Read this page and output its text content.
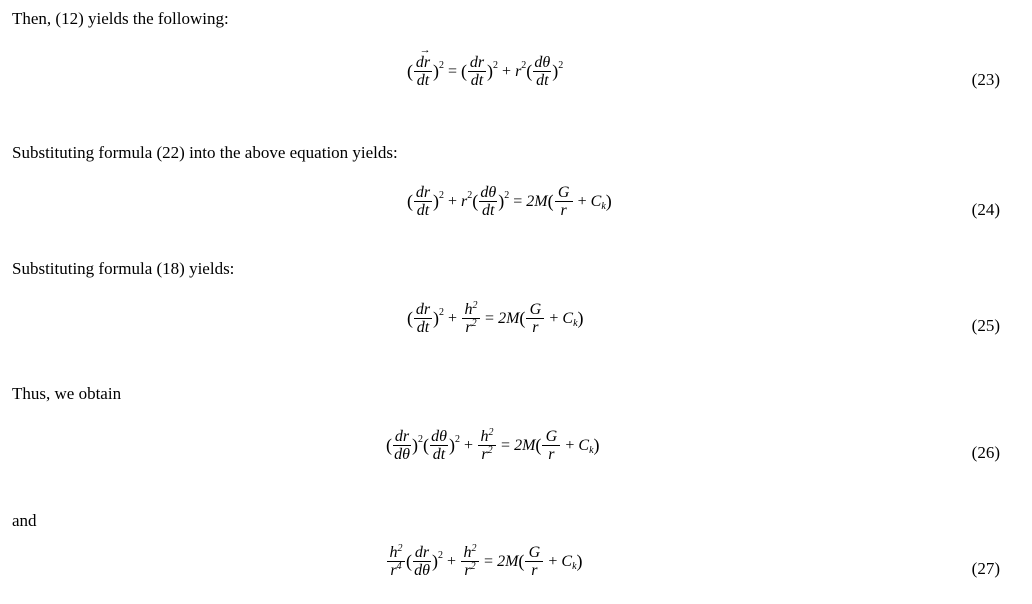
Then, (12) yields the following:
Substituting formula (22) into the above equation yields:
Substituting formula (18) yields:
Thus, we obtain
and
(23)
(24)
(25)
(26)
(27)
(
→ $\frac{dr}{dt} )^2$ = ( $\frac{dr}{dt} )^2 + r^2$ ( $\frac{d\theta}{dt} )^2$
( $\frac{dr}{dt} )^2 + r^2$ ( $\frac{d\theta}{dt} )^2 = 2M$ ( $\frac{G}{r} + C_k$ )
( $\frac{dr}{dt} )^2 + \frac{h^2}{r^2} = 2M$ ( $\frac{G}{r} + C_k$ )
( $\frac{dr}{d\theta} )^2$ ( $\frac{d\theta}{dt} )^2 + \frac{h^2}{r^2} = 2M$ ( $\frac{G}{r} + C_k$ )
$\frac{h^2}{r^4}$ ( $\frac{dr}{d\theta} )^2 + \frac{h^2}{r^2} = 2M$ ( $\frac{G}{r} + C_k$ )
